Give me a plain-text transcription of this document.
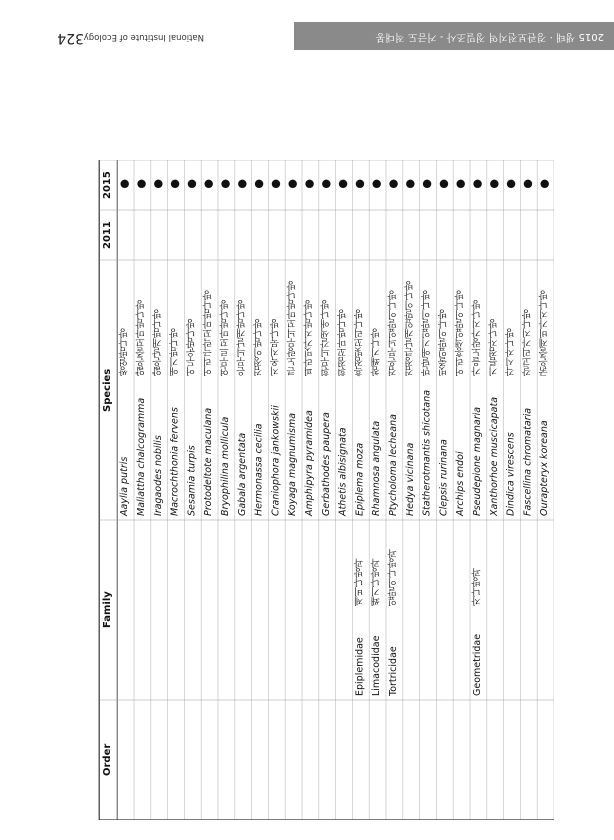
2015 생태 · 경관보전지역 정밀조사 - 거금도 적대봉
National Institute of Ecology
324
Order
Family
Species
2011
2015
Aaylia putris
쌍얼밤나방
●
Maliattha chalcogramma
얇은줄꼬마밤나방
●
Iragaodes nobilis
얇은날개밤나방
●
Macrochthonia fervens
애기밤나방
●
Sesamia turpis
어두운밤나방
●
Protodeltote maculana
어리극락꼬마밤나방
●
Bryophilina mollicula
연무르꼬마밤나방
●
Gabala argentata
은무늬날개밤나방
●
Hermonassa cecilia
검정이밤나방
●
Craniophora jankowskii
지옥지묵나방
●
Koyaga magnumisma
큰노랑무늬꼬마밤나방
●
Amphipyra pyramidea
피라밋가지밤나방
●
Gerbathodes paupera
흰무늬갈색애나방
●
Athetis albisignata
흰점꼬마밤나방
●
Epiplemidae
제비나방과
Epiplema moza
흑점빛꼬리나방
●
Limacodidae
쐐기나방과
Rhamnosa angulata
참쐐기나방
●
Tortricidae
잎말이나방과
Ptycholoma lecheana
검은무늬잎말이나방
●
Hedya vicinana
검정큰날개잎말이나방
●
Statherotmantis shicotana
반달애기잎말이나방
●
Clepsis rurinana
빗줄잎말이나방
●
Archips endoi
어리흥색잎말이나방
●
Geometridae
자나방과
Pseudepione magnaria
가을노랑가지나방
●
Xanthorhoe muscicapata
기름점자나방
●
Dindica virescens
각시자나방
●
Fascellina chromataria
갈고리가지나방
●
Ourapteryx koreana
굵은줄제비가지나방
●
